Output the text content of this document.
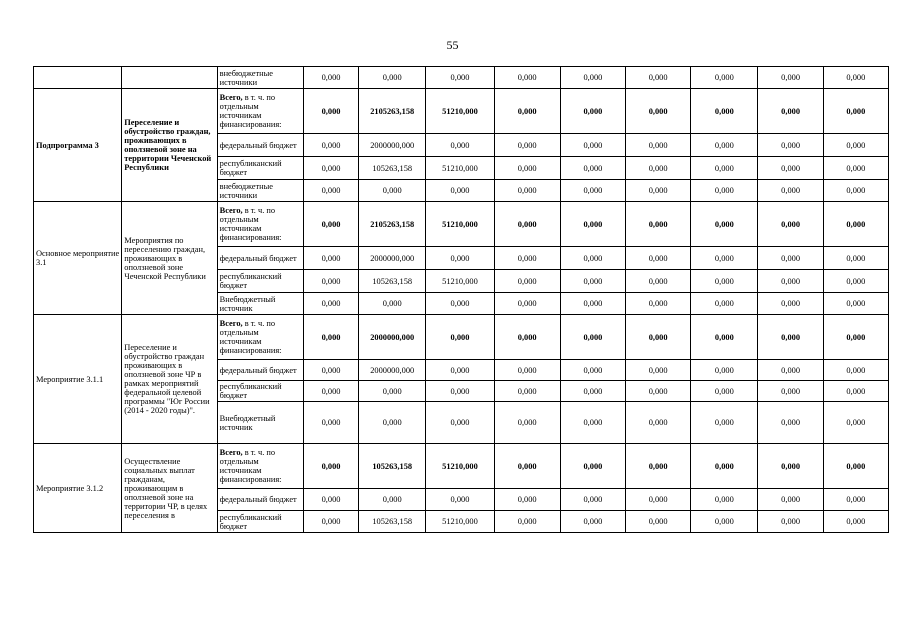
55
		внебюджетные источники	0,000	0,000	0,000	0,000	0,000	0,000	0,000	0,000	0,000
Подпрограмма 3	Переселение и обустройство граждан, проживающих в оползневой зоне на территории Чеченской Республики	Всего, в т. ч. по отдельным источникам финансирования:	0,000	2105263,158	51210,000	0,000	0,000	0,000	0,000	0,000	0,000
		федеральный бюджет	0,000	2000000,000	0,000	0,000	0,000	0,000	0,000	0,000	0,000
		республиканский бюджет	0,000	105263,158	51210,000	0,000	0,000	0,000	0,000	0,000	0,000
		внебюджетные источники	0,000	0,000	0,000	0,000	0,000	0,000	0,000	0,000	0,000
Основное мероприятие 3.1	Мероприятия по переселению граждан, проживающих в оползневой зоне Чеченской Республики	Всего, в т. ч. по отдельным источникам финансирования:	0,000	2105263,158	51210,000	0,000	0,000	0,000	0,000	0,000	0,000
		федеральный бюджет	0,000	2000000,000	0,000	0,000	0,000	0,000	0,000	0,000	0,000
		республиканский бюджет	0,000	105263,158	51210,000	0,000	0,000	0,000	0,000	0,000	0,000
		Внебюджетный источник	0,000	0,000	0,000	0,000	0,000	0,000	0,000	0,000	0,000
Мероприятие 3.1.1	Переселение и обустройство граждан проживающих в оползневой зоне ЧР в рамках мероприятий федеральной целевой программы "Юг России (2014 - 2020 годы)".	Всего, в т. ч. по отдельным источникам финансирования:	0,000	2000000,000	0,000	0,000	0,000	0,000	0,000	0,000	0,000
		федеральный бюджет	0,000	2000000,000	0,000	0,000	0,000	0,000	0,000	0,000	0,000
		республиканский бюджет	0,000	0,000	0,000	0,000	0,000	0,000	0,000	0,000	0,000
		Внебюджетный источник	0,000	0,000	0,000	0,000	0,000	0,000	0,000	0,000	0,000
Мероприятие 3.1.2	Осуществление социальных выплат гражданам, проживающим в оползневой зоне на территории ЧР, в целях переселения в	Всего, в т. ч. по отдельным источникам финансирования:	0,000	105263,158	51210,000	0,000	0,000	0,000	0,000	0,000	0,000
		федеральный бюджет	0,000	0,000	0,000	0,000	0,000	0,000	0,000	0,000	0,000
		республиканский бюджет	0,000	105263,158	51210,000	0,000	0,000	0,000	0,000	0,000	0,000
